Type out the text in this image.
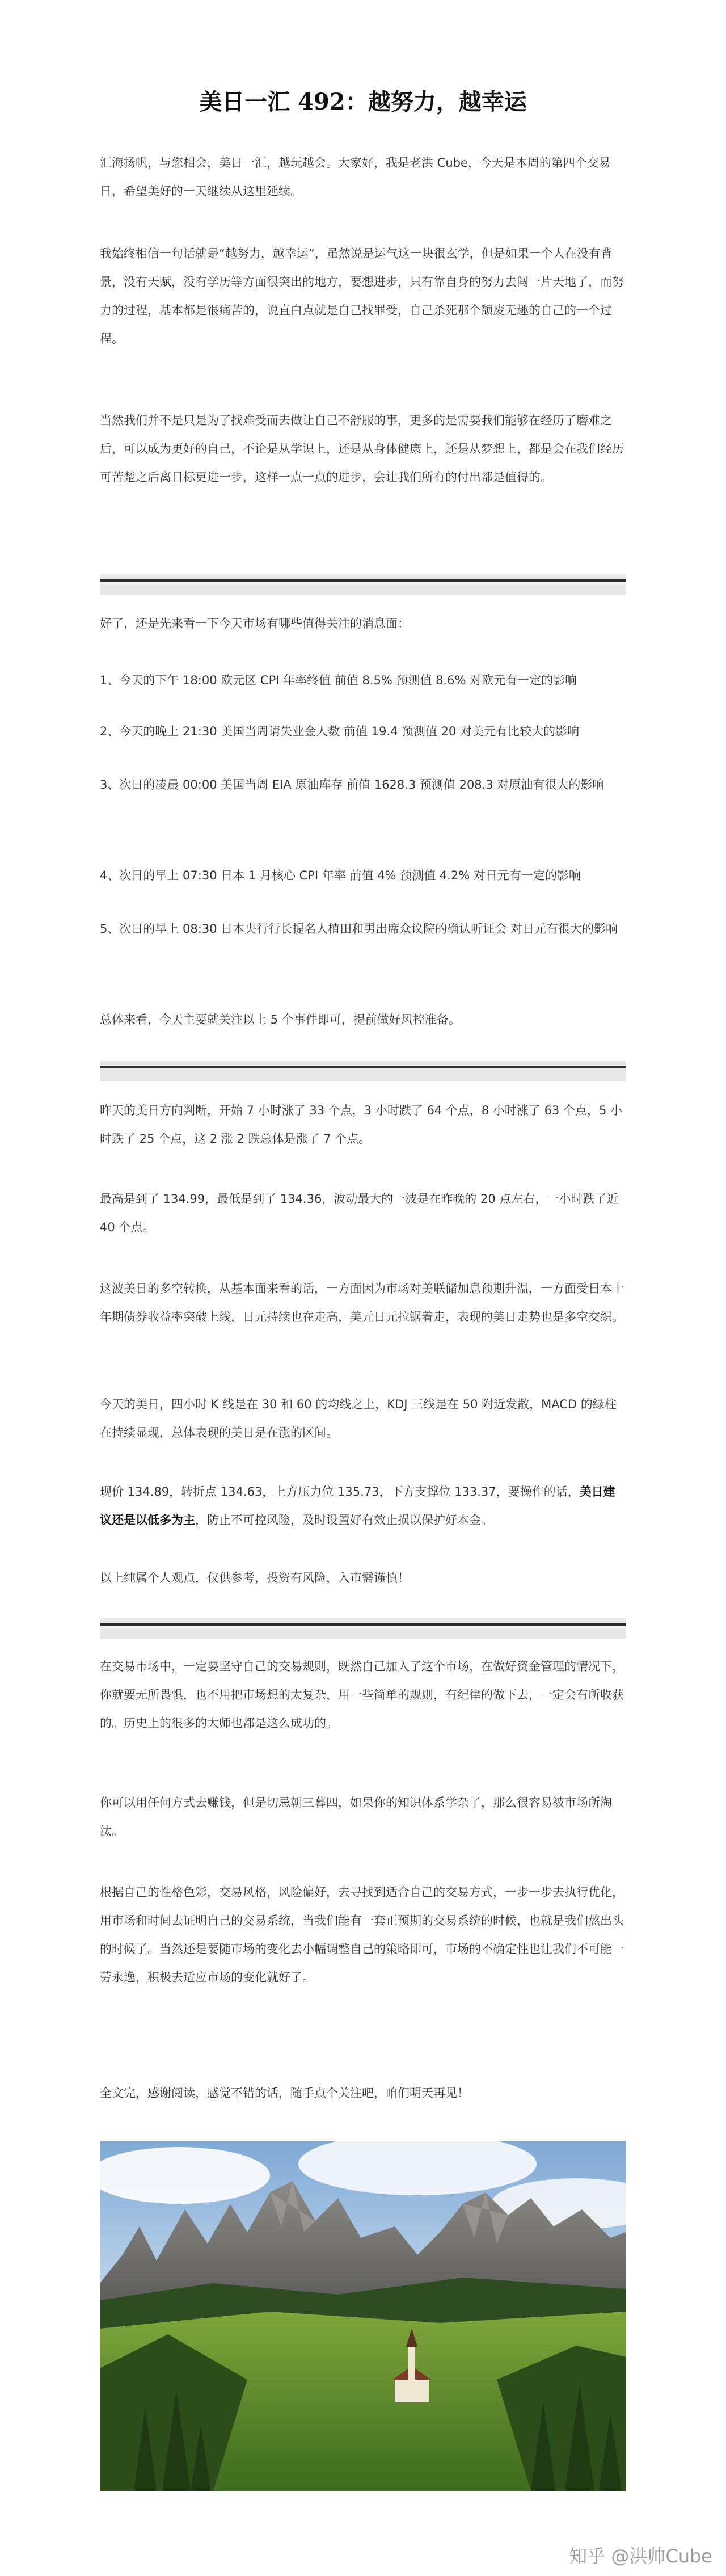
美日一汇 492：越努力，越幸运

汇海扬帆，与您相会，美日一汇，越玩越会。大家好，我是老洪 Cube，今天是本周的第四个交易日，希望美好的一天继续从这里延续。

我始终相信一句话就是“越努力，越幸运”，虽然说是运气这一块很玄学，但是如果一个人在没有背景，没有天赋，没有学历等方面很突出的地方，要想进步，只有靠自身的努力去闯一片天地了，而努力的过程，基本都是很痛苦的，说直白点就是自己找罪受，自己杀死那个颓废无趣的自己的一个过程。

当然我们并不是只是为了找难受而去做让自己不舒服的事，更多的是需要我们能够在经历了磨难之后，可以成为更好的自己，不论是从学识上，还是从身体健康上，还是从梦想上，都是会在我们经历可苦楚之后离目标更进一步，这样一点一点的进步，会让我们所有的付出都是值得的。

好了，还是先来看一下今天市场有哪些值得关注的消息面：

1、今天的下午 18:00 欧元区 CPI 年率终值 前值 8.5% 预测值 8.6% 对欧元有一定的影响

2、今天的晚上 21:30 美国当周请失业金人数 前值 19.4 预测值 20 对美元有比较大的影响

3、次日的凌晨 00:00 美国当周 EIA 原油库存 前值 1628.3 预测值 208.3 对原油有很大的影响

4、次日的早上 07:30 日本 1 月核心 CPI 年率 前值 4% 预测值 4.2% 对日元有一定的影响

5、次日的早上 08:30 日本央行行长提名人植田和男出席众议院的确认听证会 对日元有很大的影响

总体来看，今天主要就关注以上 5 个事件即可，提前做好风控准备。

昨天的美日方向判断，开始 7 小时涨了 33 个点，3 小时跌了 64 个点，8 小时涨了 63 个点，5 小时跌了 25 个点，这 2 涨 2 跌总体是涨了 7 个点。

最高是到了 134.99，最低是到了 134.36，波动最大的一波是在昨晚的 20 点左右，一小时跌了近 40 个点。

这波美日的多空转换，从基本面来看的话，一方面因为市场对美联储加息预期升温，一方面受日本十年期债券收益率突破上线，日元持续也在走高，美元日元拉锯着走，表现的美日走势也是多空交织。

今天的美日，四小时 K 线是在 30 和 60 的均线之上，KDJ 三线是在 50 附近发散，MACD 的绿柱在持续显现，总体表现的美日是在涨的区间。

现价 134.89，转折点 134.63，上方压力位 135.73，下方支撑位 133.37，要操作的话，美日建议还是以低多为主，防止不可控风险，及时设置好有效止损以保护好本金。

以上纯属个人观点，仅供参考，投资有风险，入市需谨慎！

在交易市场中，一定要坚守自己的交易规则，既然自己加入了这个市场，在做好资金管理的情况下，你就要无所畏惧，也不用把市场想的太复杂，用一些简单的规则，有纪律的做下去，一定会有所收获的。历史上的很多的大师也都是这么成功的。

你可以用任何方式去赚钱，但是切忌朝三暮四，如果你的知识体系学杂了，那么很容易被市场所淘汰。

根据自己的性格色彩，交易风格，风险偏好，去寻找到适合自己的交易方式，一步一步去执行优化，用市场和时间去证明自己的交易系统，当我们能有一套正预期的交易系统的时候，也就是我们熬出头的时候了。当然还是要随市场的变化去小幅调整自己的策略即可，市场的不确定性也让我们不可能一劳永逸，积极去适应市场的变化就好了。

全文完，感谢阅读，感觉不错的话，随手点个关注吧，咱们明天再见！

知乎 @洪帅Cube
